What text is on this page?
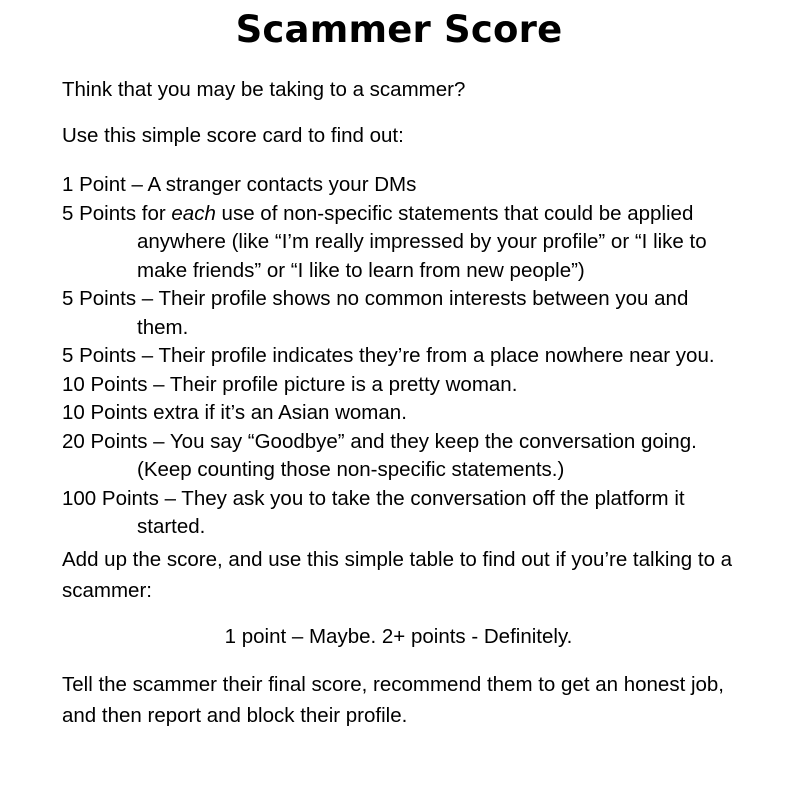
Scammer Score

Think that you may be taking to a scammer?

Use this simple score card to find out:

1 Point – A stranger contacts your DMs
5 Points for each use of non-specific statements that could be applied anywhere (like “I’m really impressed by your profile” or “I like to make friends” or “I like to learn from new people”)
5 Points – Their profile shows no common interests between you and them.
5 Points – Their profile indicates they’re from a place nowhere near you.
10 Points – Their profile picture is a pretty woman.
10 Points extra if it’s an Asian woman.
20 Points – You say “Goodbye” and they keep the conversation going. (Keep counting those non-specific statements.)
100 Points – They ask you to take the conversation off the platform it started.

Add up the score, and use this simple table to find out if you’re talking to a scammer:

1 point – Maybe. 2+ points - Definitely.

Tell the scammer their final score, recommend them to get an honest job, and then report and block their profile.
